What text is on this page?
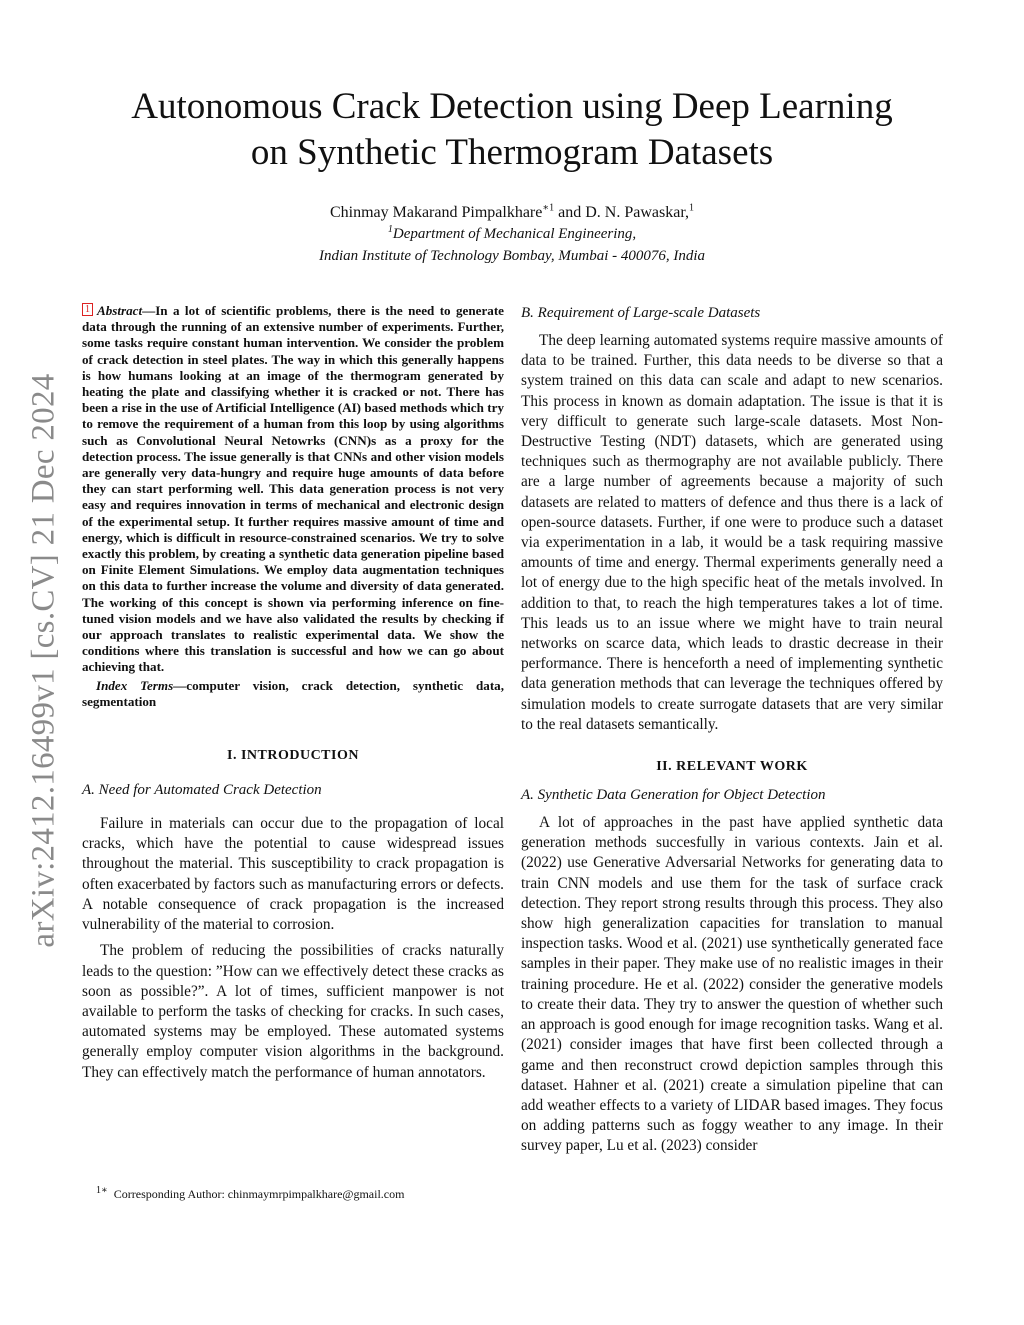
arXiv:2412.16499v1 [cs.CV] 21 Dec 2024
Autonomous Crack Detection using Deep Learning
on Synthetic Thermogram Datasets
Chinmay Makarand Pimpalkhare$^{∗1}$ and D. N. Pawaskar,$^1$
$^1$Department of Mechanical Engineering,
Indian Institute of Technology Bombay, Mumbai - 400076, India

1 Abstract—In a lot of scientific problems, there is the need to generate data through the running of an extensive number of experiments. Further, some tasks require constant human intervention. We consider the problem of crack detection in steel plates. The way in which this generally happens is how humans looking at an image of the thermogram generated by heating the plate and classifying whether it is cracked or not. There has been a rise in the use of Artificial Intelligence (AI) based methods which try to remove the requirement of a human from this loop by using algorithms such as Convolutional Neural Netowrks (CNN)s as a proxy for the detection process. The issue generally is that CNNs and other vision models are generally very data-hungry and require huge amounts of data before they can start performing well. This data generation process is not very easy and requires innovation in terms of mechanical and electronic design of the experimental setup. It further requires massive amount of time and energy, which is difficult in resource-constrained scenarios. We try to solve exactly this problem, by creating a synthetic data generation pipeline based on Finite Element Simulations. We employ data augmentation techniques on this data to further increase the volume and diversity of data generated. The working of this concept is shown via performing inference on fine-tuned vision models and we have also validated the results by checking if our approach translates to realistic experimental data. We show the conditions where this translation is successful and how we can go about achieving that.

Index Terms—computer vision, crack detection, synthetic data, segmentation

I. INTRODUCTION

A. Need for Automated Crack Detection

Failure in materials can occur due to the propagation of local cracks, which have the potential to cause widespread issues throughout the material. This susceptibility to crack propagation is often exacerbated by factors such as manufacturing errors or defects. A notable consequence of crack propagation is the increased vulnerability of the material to corrosion.

The problem of reducing the possibilities of cracks naturally leads to the question: ”How can we effectively detect these cracks as soon as possible?”. A lot of times, sufficient manpower is not available to perform the tasks of checking for cracks. In such cases, automated systems may be employed. These automated systems generally employ computer vision algorithms in the background. They can effectively match the performance of human annotators.

B. Requirement of Large-scale Datasets

The deep learning automated systems require massive amounts of data to be trained. Further, this data needs to be diverse so that a system trained on this data can scale and adapt to new scenarios. This process in known as domain adaptation. The issue is that it is very difficult to generate such large-scale datasets. Most Non-Destructive Testing (NDT) datasets, which are generated using techniques such as thermography are not available publicly. There are a large number of agreements because a majority of such datasets are related to matters of defence and thus there is a lack of open-source datasets. Further, if one were to produce such a dataset via experimentation in a lab, it would be a task requiring massive amounts of time and energy. Thermal experiments generally need a lot of energy due to the high specific heat of the metals involved. In addition to that, to reach the high temperatures takes a lot of time. This leads us to an issue where we might have to train neural networks on scarce data, which leads to drastic decrease in their performance. There is henceforth a need of implementing synthetic data generation methods that can leverage the techniques offered by simulation models to create surrogate datasets that are very similar to the real datasets semantically.

II. RELEVANT WORK

A. Synthetic Data Generation for Object Detection

A lot of approaches in the past have applied synthetic data generation methods succesfully in various contexts. Jain et al. (2022) use Generative Adversarial Networks for generating data to train CNN models and use them for the task of surface crack detection. They report strong results through this process. They also show high generalization capacities for translation to manual inspection tasks. Wood et al. (2021) use synthetically generated face samples in their paper. They make use of no realistic images in their training procedure. He et al. (2022) consider the generative models to create their data. They try to answer the question of whether such an approach is good enough for image recognition tasks. Wang et al. (2021) consider images that have first been collected through a game and then reconstruct crowd depiction samples through this dataset. Hahner et al. (2021) create a simulation pipeline that can add weather effects to a variety of LIDAR based images. They focus on adding patterns such as foggy weather to any image. In their survey paper, Lu et al. (2023) consider

$^{1∗}$ Corresponding Author: chinmaymrpimpalkhare@gmail.com
